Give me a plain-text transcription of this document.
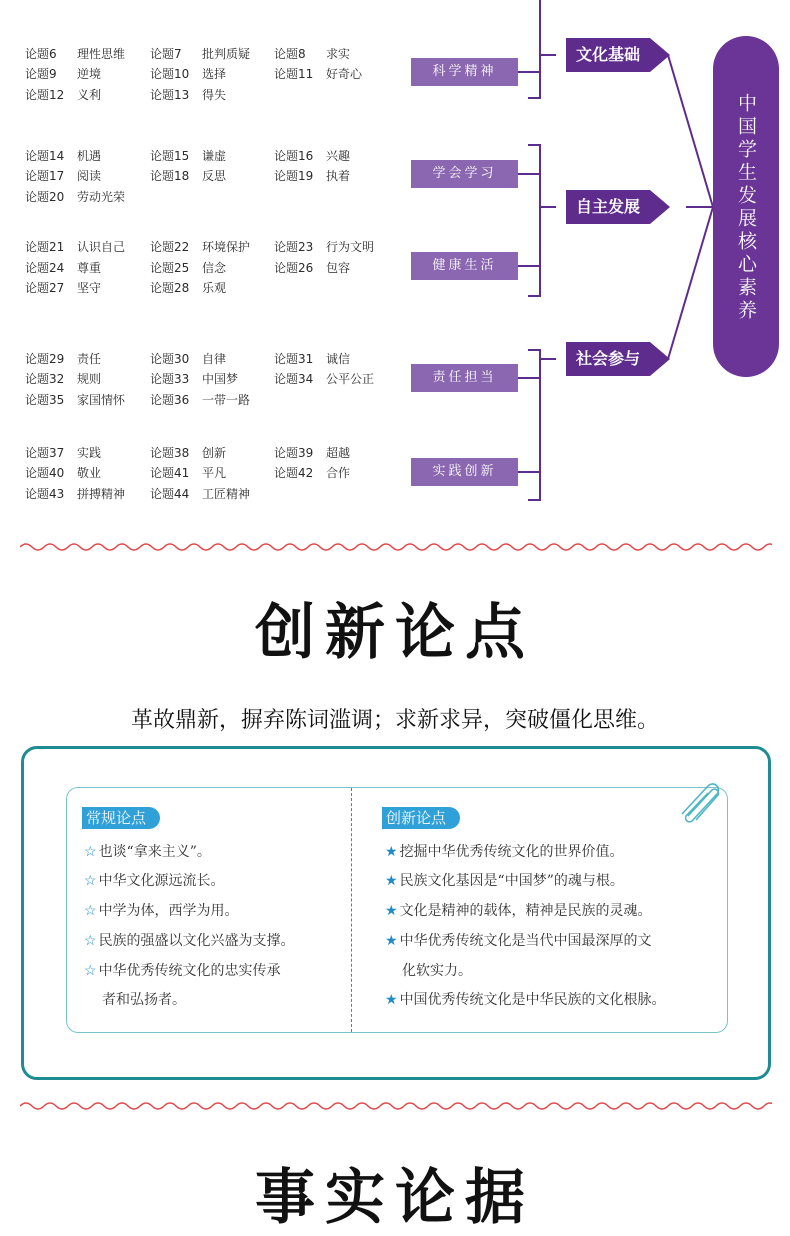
论题6 理性思维 论题7 批判质疑 论题8 求实
论题9 逆境	论题10 选择	论题11 好奇心
论题12 义利	论题13 得失
论题14 机遇	论题15 谦虚	论题16 兴趣
论题17 阅读	论题18 反思	论题19 执着
论题20 劳动光荣
论题21 认识自己 论题22 环境保护 论题23 行为文明
论题24 尊重	论题25 信念	论题26 包容
论题27 坚守	论题28 乐观
论题29 责任	论题30 自律	论题31 诚信
论题32 规则	论题33 中国梦	论题34 公平公正
论题35 家国情怀 论题36 一带一路
论题37 实践	论题38 创新	论题39 超越
论题40 敬业	论题41 平凡	论题42 合作
论题43 拼搏精神 论题44 工匠精神
科学精神
学会学习
健康生活
责任担当
实践创新
文化基础
自主发展
社会参与
中国学生发展核心素养
创新论点
革故鼎新，摒弃陈词滥调；求新求异，突破僵化思维。
常规论点	创新论点
☆ 也谈“拿来主义”。
☆ 中华文化源远流长。
☆ 中学为体，西学为用。
☆ 民族的强盛以文化兴盛为支撑。
☆ 中华优秀传统文化的忠实传承
者和弘扬者。
★ 挖掘中华优秀传统文化的世界价值。
★ 民族文化基因是“中国梦”的魂与根。
★ 文化是精神的载体，精神是民族的灵魂。
★ 中华优秀传统文化是当代中国最深厚的文
化软实力。
★ 中国优秀传统文化是中华民族的文化根脉。
事实论据
